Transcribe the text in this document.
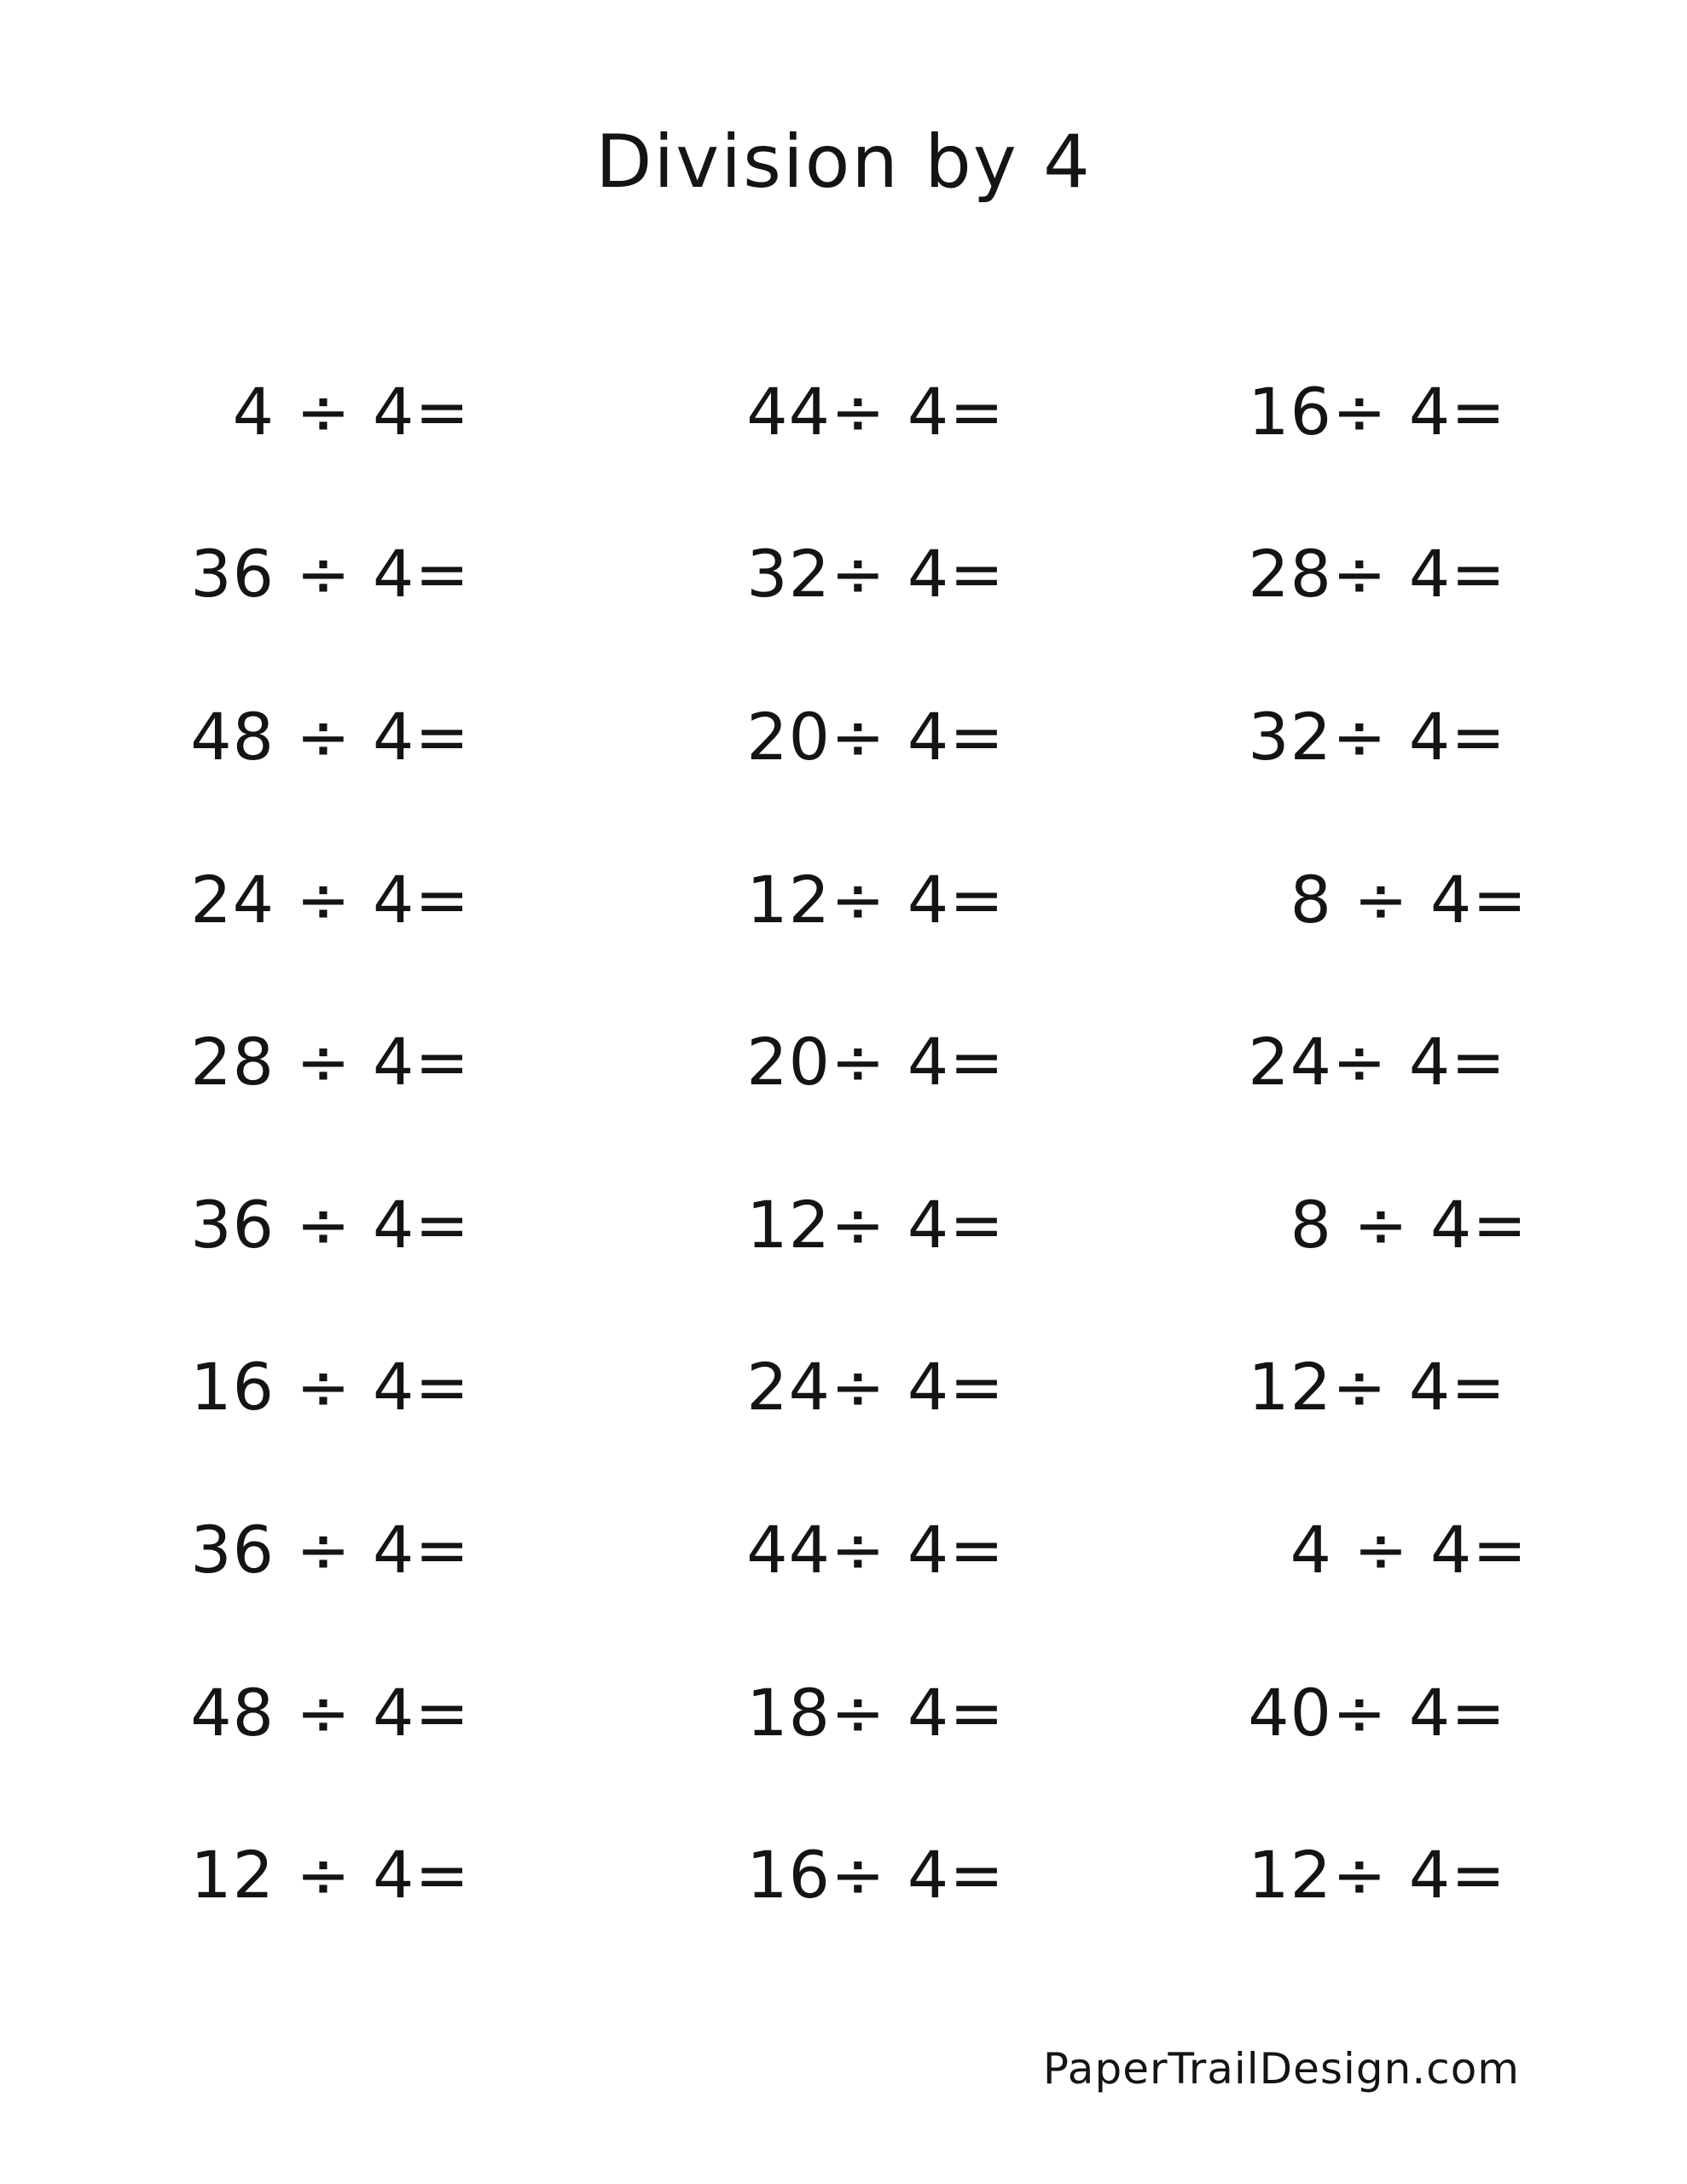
Division by 4
4 ÷ 4=	44 ÷ 4=	16 ÷ 4=
36 ÷ 4=	32 ÷ 4=	28 ÷ 4=
48 ÷ 4=	20 ÷ 4=	32 ÷ 4=
24 ÷ 4=	12 ÷ 4=	8 ÷ 4=
28 ÷ 4=	20 ÷ 4=	24 ÷ 4=
36 ÷ 4=	12 ÷ 4=	8 ÷ 4=
16 ÷ 4=	24 ÷ 4=	12 ÷ 4=
36 ÷ 4=	44 ÷ 4=	4 ÷ 4=
48 ÷ 4=	18 ÷ 4=	40 ÷ 4=
12 ÷ 4=	16 ÷ 4=	12 ÷ 4=
PaperTrailDesign.com
